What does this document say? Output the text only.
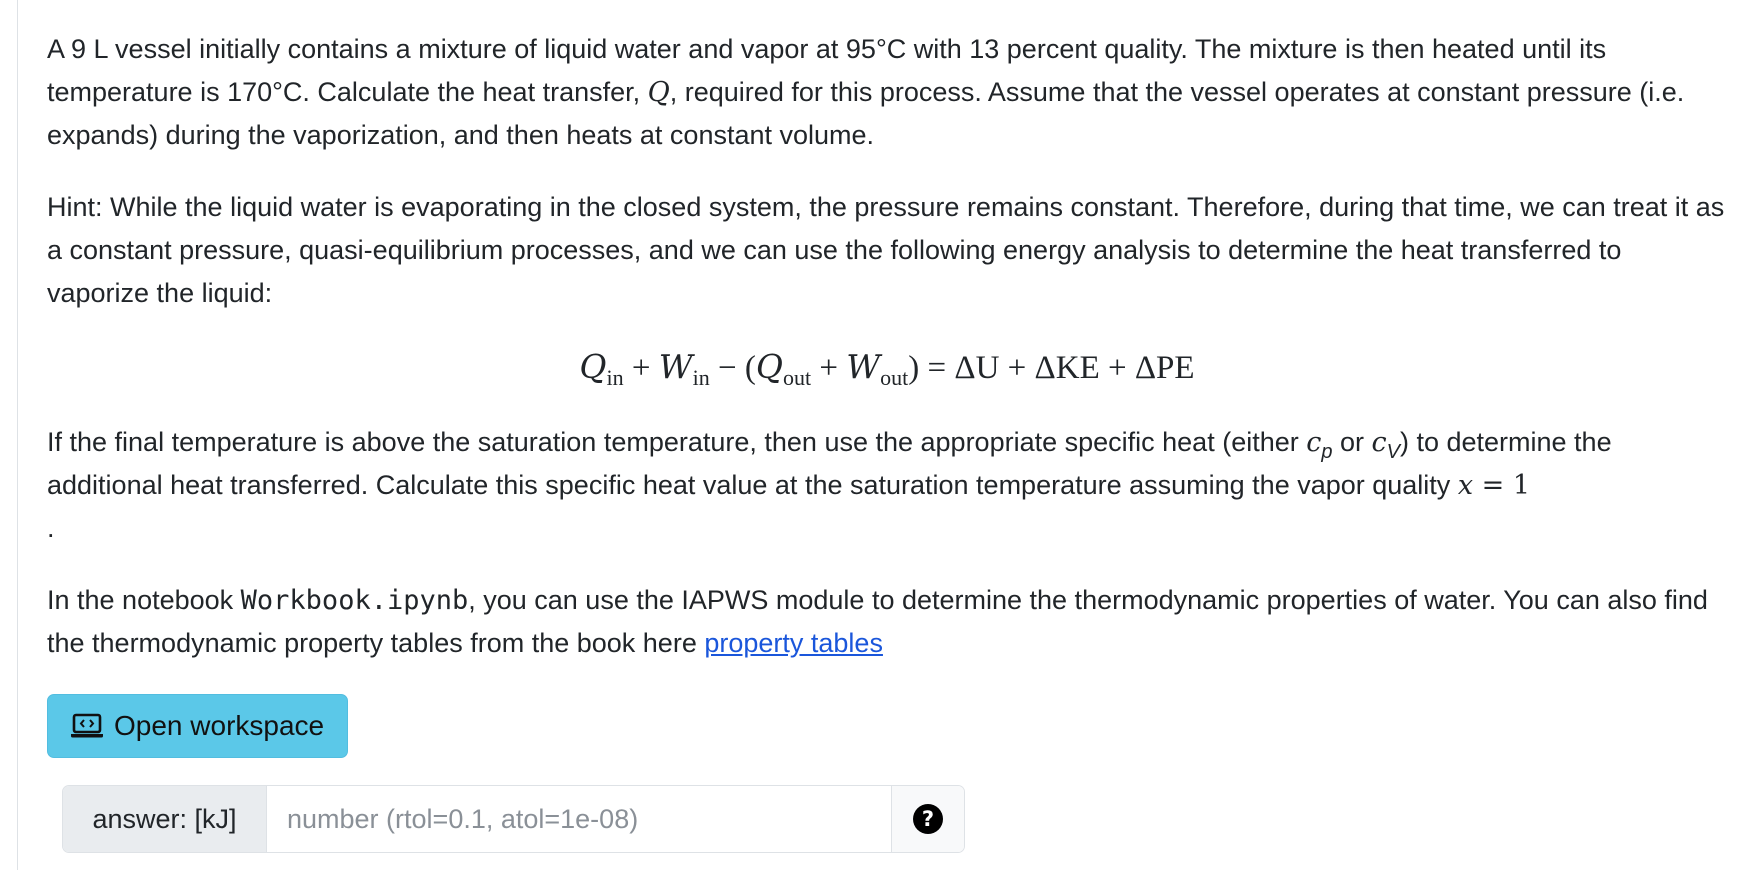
A 9 L vessel initially contains a mixture of liquid water and vapor at 95°C with 13 percent quality. The mixture is then heated until its temperature is 170°C. Calculate the heat transfer, Q, required for this process. Assume that the vessel operates at constant pressure (i.e. expands) during the vaporization, and then heats at constant volume.

Hint: While the liquid water is evaporating in the closed system, the pressure remains constant. Therefore, during that time, we can treat it as a constant pressure, quasi-equilibrium processes, and we can use the following energy analysis to determine the heat transferred to vaporize the liquid:

$Q_{in} + W_{in} - (Q_{out} + W_{out}) = \Delta U + \Delta KE + \Delta PE$

If the final temperature is above the saturation temperature, then use the appropriate specific heat (either $c_p$ or $c_V$) to determine the additional heat transferred. Calculate this specific heat value at the saturation temperature assuming the vapor quality x = 1
.

In the notebook Workbook.ipynb, you can use the IAPWS module to determine the thermodynamic properties of water. You can also find the thermodynamic property tables from the book here property tables

Open workspace
answer: [kJ]
number (rtol=0.1, atol=1e-08)	?
